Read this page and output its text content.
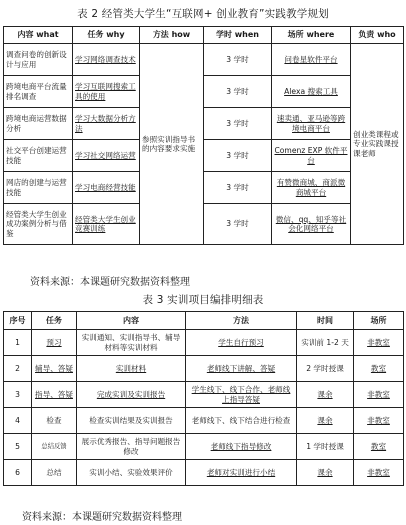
表 2 经管类大学生“互联网+ 创业教育”实践教学规划
内容 what	任务 why	方法 how	学时 when	场所 where	负责 who
调查问卷的创新设计与应用	学习网络调查技术	参照实训指导书的内容要求实施	3 学时	问卷星软件平台	创业类课程或专业实践课授课老师
跨境电商平台流量排名调查	学习互联网搜索工具的使用		3 学时	Alexa 搜索工具	
跨境电商运营数据分析	学习大数据分析方法		3 学时	速卖通、亚马逊等跨境电商平台	
社交平台创建运营技能	学习社交网络运营		3 学时	Comenz EXP 软件平台	
网店的创建与运营技能	学习电商经营技能		3 学时	有赞微商城、商派微商城平台	
经管类大学生创业成功案例分析与借鉴	经管类大学生创业竞赛训练		3 学时	微信、qq、知乎等社会化网络平台	
资料来源：本课题研究数据资料整理
表 3 实训项目编排明细表
序号	任务	内容	方法	时间	场所
1	预习	实训通知、实训指导书、辅导材料等实训材料	学生自行预习	实训前 1-2 天	非教室
2	辅导、答疑	实训材料	老师线下讲解、答疑	2 学时授课	教室
3	指导、答疑	完成实训及实训报告	学生线下、线下合作、老师线上指导答疑	课余	非教室
4	检查	检查实训结果及实训报告	老师线下、线下结合进行检查	课余	非教室
5	总结反馈	展示优秀报告、指导问题报告修改	老师线下指导修改	1 学时授课	教室
6	总结	实训小结、实验效果评价	老师对实训进行小结	课余	非教室
资料来源：本课题研究数据资料整理
